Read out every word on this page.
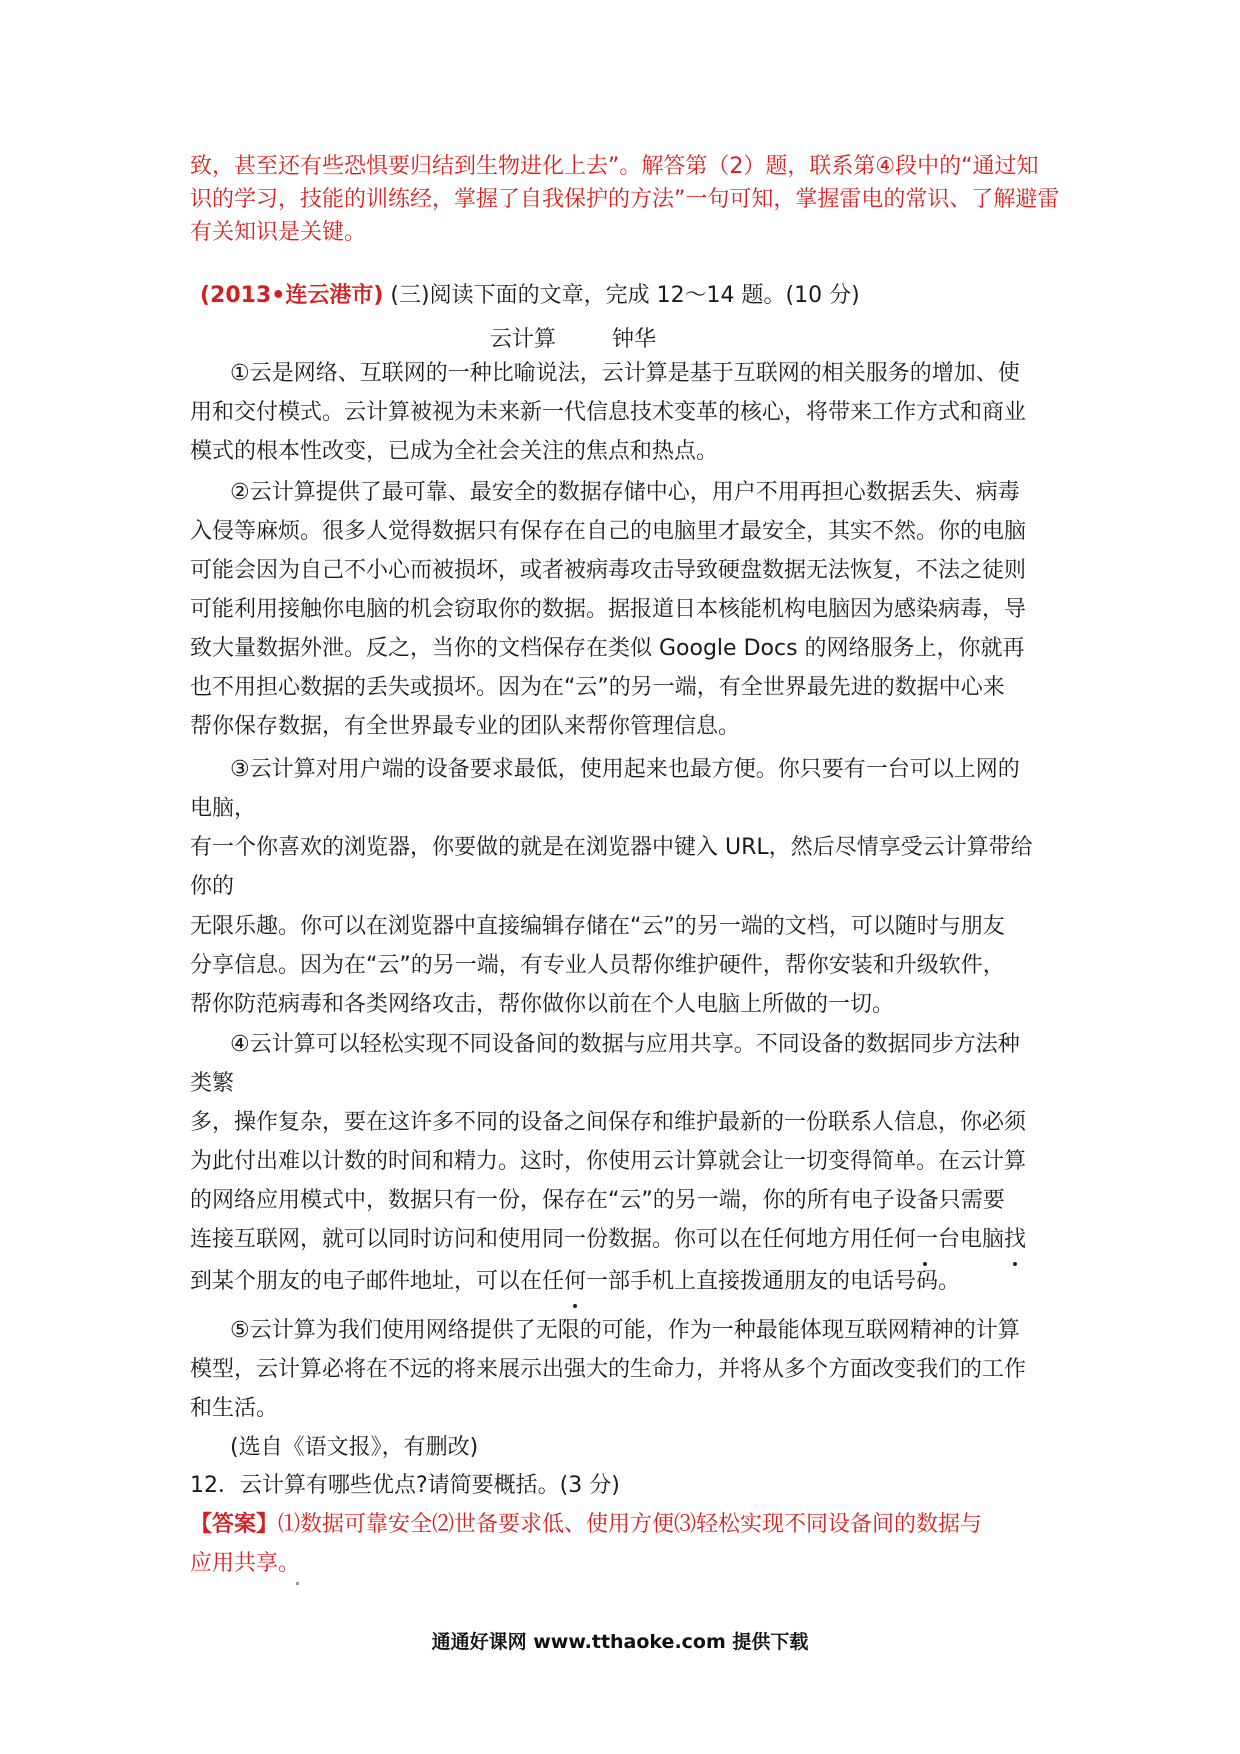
致，甚至还有些恐惧要归结到生物进化上去”。解答第（2）题，联系第④段中的“通过知
识的学习，技能的训练经，掌握了自我保护的方法”一句可知，掌握雷电的常识、了解避雷
有关知识是关键。
(2013•连云港市) (三)阅读下面的文章，完成 12～14 题。(10 分)
云计算	钟华
①云是网络、互联网的一种比喻说法，云计算是基于互联网的相关服务的增加、使
用和交付模式。云计算被视为未来新一代信息技术变革的核心，将带来工作方式和商业
模式的根本性改变，已成为全社会关注的焦点和热点。
②云计算提供了最可靠、最安全的数据存储中心，用户不用再担心数据丢失、病毒
入侵等麻烦。很多人觉得数据只有保存在自己的电脑里才最安全，其实不然。你的电脑
可能会因为自己不小心而被损坏，或者被病毒攻击导致硬盘数据无法恢复，不法之徒则
可能利用接触你电脑的机会窃取你的数据。据报道日本核能机构电脑因为感染病毒，导
致大量数据外泄。反之，当你的文档保存在类似 Google Docs 的网络服务上，你就再
也不用担心数据的丢失或损坏。因为在“云”的另一端，有全世界最先进的数据中心来
帮你保存数据，有全世界最专业的团队来帮你管理信息。
③云计算对用户端的设备要求最低，使用起来也最方便。你只要有一台可以上网的
电脑，
有一个你喜欢的浏览器，你要做的就是在浏览器中键入 URL，然后尽情享受云计算带给
你的
无限乐趣。你可以在浏览器中直接编辑存储在“云”的另一端的文档，可以随时与朋友
分享信息。因为在“云”的另一端，有专业人员帮你维护硬件，帮你安装和升级软件，
帮你防范病毒和各类网络攻击，帮你做你以前在个人电脑上所做的一切。
④云计算可以轻松实现不同设备间的数据与应用共享。不同设备的数据同步方法种
类繁
多，操作复杂，要在这许多不同的设备之间保存和维护最新的一份联系人信息，你必须
为此付出难以计数的时间和精力。这时，你使用云计算就会让一切变得简单。在云计算
的网络应用模式中，数据只有一份，保存在“云”的另一端，你的所有电子设备只需要
连接互联网，就可以同时访问和使用同一份数据。你可以在任何地方用任何一台电脑找
到某个朋友的电子邮件地址，可以在任何一部手机上直接拨通朋友的电话号码。
⑤云计算为我们使用网络提供了无限的可能，作为一种最能体现互联网精神的计算
模型，云计算必将在不远的将来展示出强大的生命力，并将从多个方面改变我们的工作
和生活。
(选自《语文报》，有删改)
12．云计算有哪些优点?请简要概括。(3 分)
【答案】⑴数据可靠安全⑵世备要求低、使用方便⑶轻松实现不同设备间的数据与
应用共享。
通通好课网 www.tthaoke.com 提供下载
